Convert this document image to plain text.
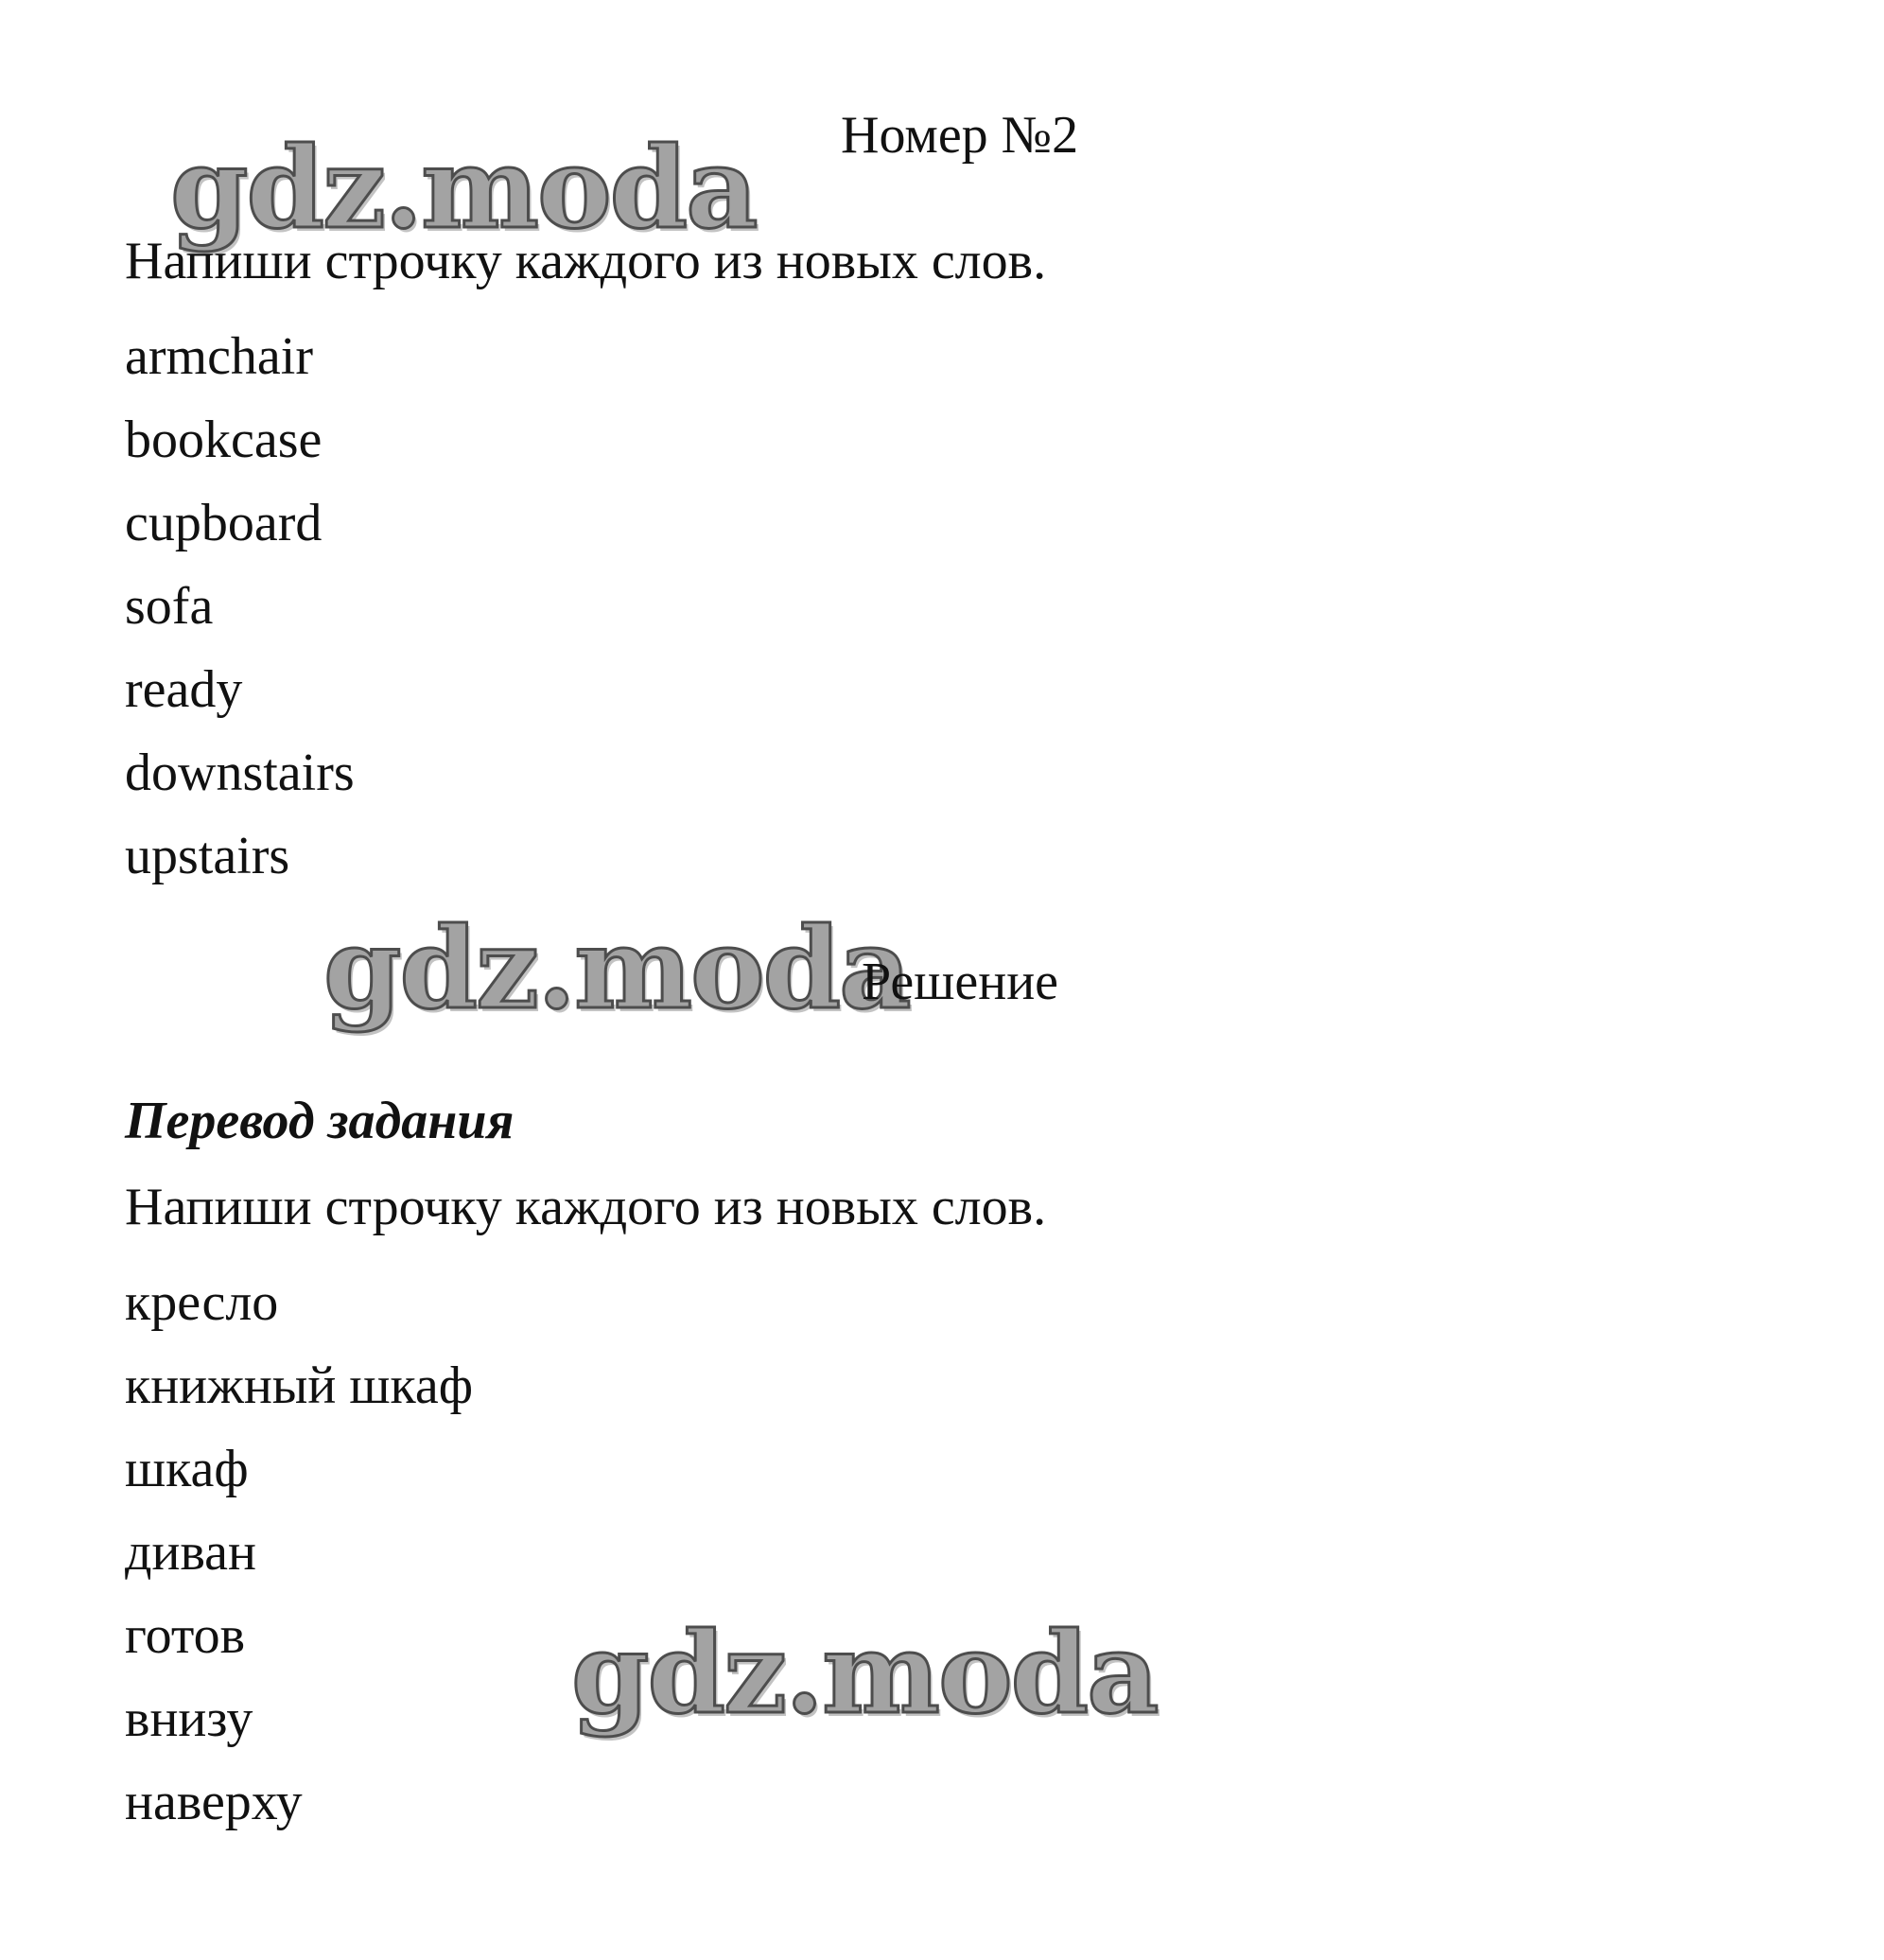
gdz.moda
gdz.moda
gdz.moda
Номер №2
Напиши строчку каждого из новых слов.
armchair
bookcase
cupboard
sofa
ready
downstairs
upstairs
Решение
Перевод задания
Напиши строчку каждого из новых слов.
кресло
книжный шкаф
шкаф
диван
готов
внизу
наверху
